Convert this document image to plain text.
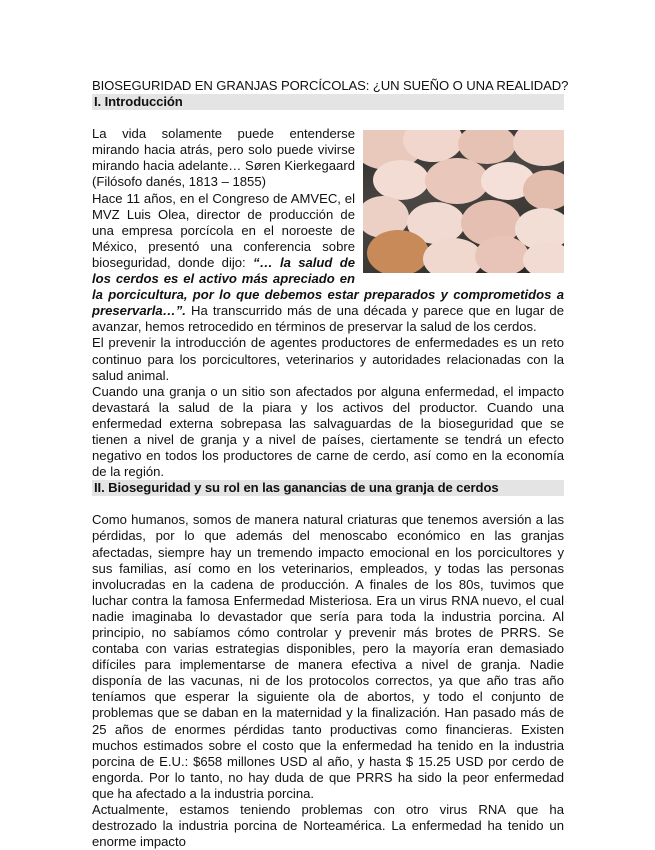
BIOSEGURIDAD EN GRANJAS PORCÍCOLAS: ¿UN SUEÑO O UNA REALIDAD?

I. Introducción

La vida solamente puede entenderse mirando hacia atrás, pero solo puede vivirse mirando hacia adelante… Søren Kierkegaard (Filósofo danés, 1813 – 1855)

Hace 11 años, en el Congreso de AMVEC, el MVZ Luis Olea, director de producción de una empresa porcícola en el noroeste de México, presentó una conferencia sobre bioseguridad, donde dijo: “… la salud de los cerdos es el activo más apreciado en la porcicultura, por lo que debemos estar preparados y comprometidos a preservarla…”. Ha transcurrido más de una década y parece que en lugar de avanzar, hemos retrocedido en términos de preservar la salud de los cerdos.

El prevenir la introducción de agentes productores de enfermedades es un reto continuo para los porcicultores, veterinarios y autoridades relacionadas con la salud animal.

Cuando una granja o un sitio son afectados por alguna enfermedad, el impacto devastará la salud de la piara y los activos del productor. Cuando una enfermedad externa sobrepasa las salvaguardas de la bioseguridad que se tienen a nivel de granja y a nivel de países, ciertamente se tendrá un efecto negativo en todos los productores de carne de cerdo, así como en la economía de la región.

II. Bioseguridad y su rol en las ganancias de una granja de cerdos

Como humanos, somos de manera natural criaturas que tenemos aversión a las pérdidas, por lo que además del menoscabo económico en las granjas afectadas, siempre hay un tremendo impacto emocional en los porcicultores y sus familias, así como en los veterinarios, empleados, y todas las personas involucradas en la cadena de producción. A finales de los 80s, tuvimos que luchar contra la famosa Enfermedad Misteriosa. Era un virus RNA nuevo, el cual nadie imaginaba lo devastador que sería para toda la industria porcina. Al principio, no sabíamos cómo controlar y prevenir más brotes de PRRS. Se contaba con varias estrategias disponibles, pero la mayoría eran demasiado difíciles para implementarse de manera efectiva a nivel de granja. Nadie disponía de las vacunas, ni de los protocolos correctos, ya que año tras año teníamos que esperar la siguiente ola de abortos, y todo el conjunto de problemas que se daban en la maternidad y la finalización. Han pasado más de 25 años de enormes pérdidas tanto productivas como financieras. Existen muchos estimados sobre el costo que la enfermedad ha tenido en la industria porcina de E.U.: $658 millones USD al año, y hasta $ 15.25 USD por cerdo de engorda. Por lo tanto, no hay duda de que PRRS ha sido la peor enfermedad que ha afectado a la industria porcina.

Actualmente, estamos teniendo problemas con otro virus RNA que ha destrozado la industria porcina de Norteamérica. La enfermedad ha tenido un enorme impacto
